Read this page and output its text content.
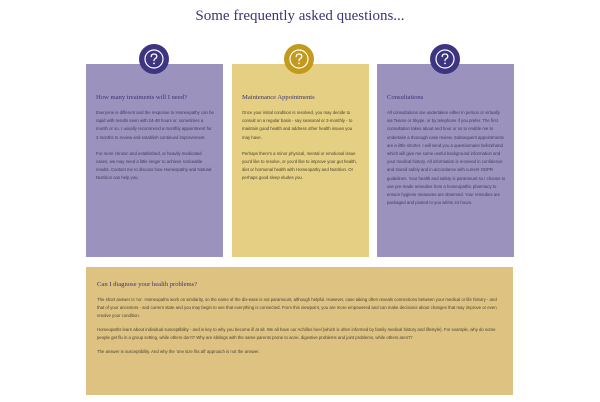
Some frequently asked questions...
How many treatments will I need?

Everyone is different and the response to Homeopathy can be rapid with results seen with 24-48 hours or, sometimes a month or so. I usually recommend a monthly appointment for 3 months to review and establish continued improvement.

For more chronic and established, or heavily medicated cases, we may need a little longer to achieve noticeable results. Contact me to discuss how Homeopathy and Natural Nutrition can help you.

Maintenance Appointments

Once your initial condition is resolved, you may decide to consult on a regular basis - say seasonal or 2-monthly - to maintain good health and address other health issues you may have.

Perhaps there's a minor physical, mental or emotional issue you'd like to resolve, or you'd like to improve your gut health, diet or hormonal health with Homeopathy and Nutrition. Or perhaps good sleep eludes you.

Consultations

All consultations are undertaken either in person or virtually via Teams or Skype, or by telephone if you prefer. The first consultation takes about and hour or so to enable me to undertake a thorough case review. Subsequent appointments are a little shorter. I will send you a questionnaire beforehand which will give me some useful background information and your medical history. All information is received in confidence and stored safely and in accordance with current GDPR guidelines. Your health and safety is paramount so I choose to use pre-made remedies from a homeopathic pharmacy to ensure hygiene measures are observed. Your remedies are packaged and posted to you within 24 hours.

Can I diagnose your health problems?

The short answer is 'no'. Homeopaths work on similarity, so the name of the dis-ease is not paramount, although helpful. However, case taking often reveals connections between your medical or life history - and that of your ancestors - and current state and you may begin to see that everything is connected. From this viewpoint, you are more empowered and can make decisions about changes that may improve or even resolve your condition.

Homeopaths learn about individual susceptibility - and is key to why you become ill at all. We all have our Achilles heel (which is often informed by family medical history and lifestyle). For example, why do some people get flu in a group setting, while others don't? Why are siblings with the same parents prone to acne, digestive problems and joint problems, while others aren't?

The answer is susceptibility. And why the 'one size fits all' approach is not the answer.
